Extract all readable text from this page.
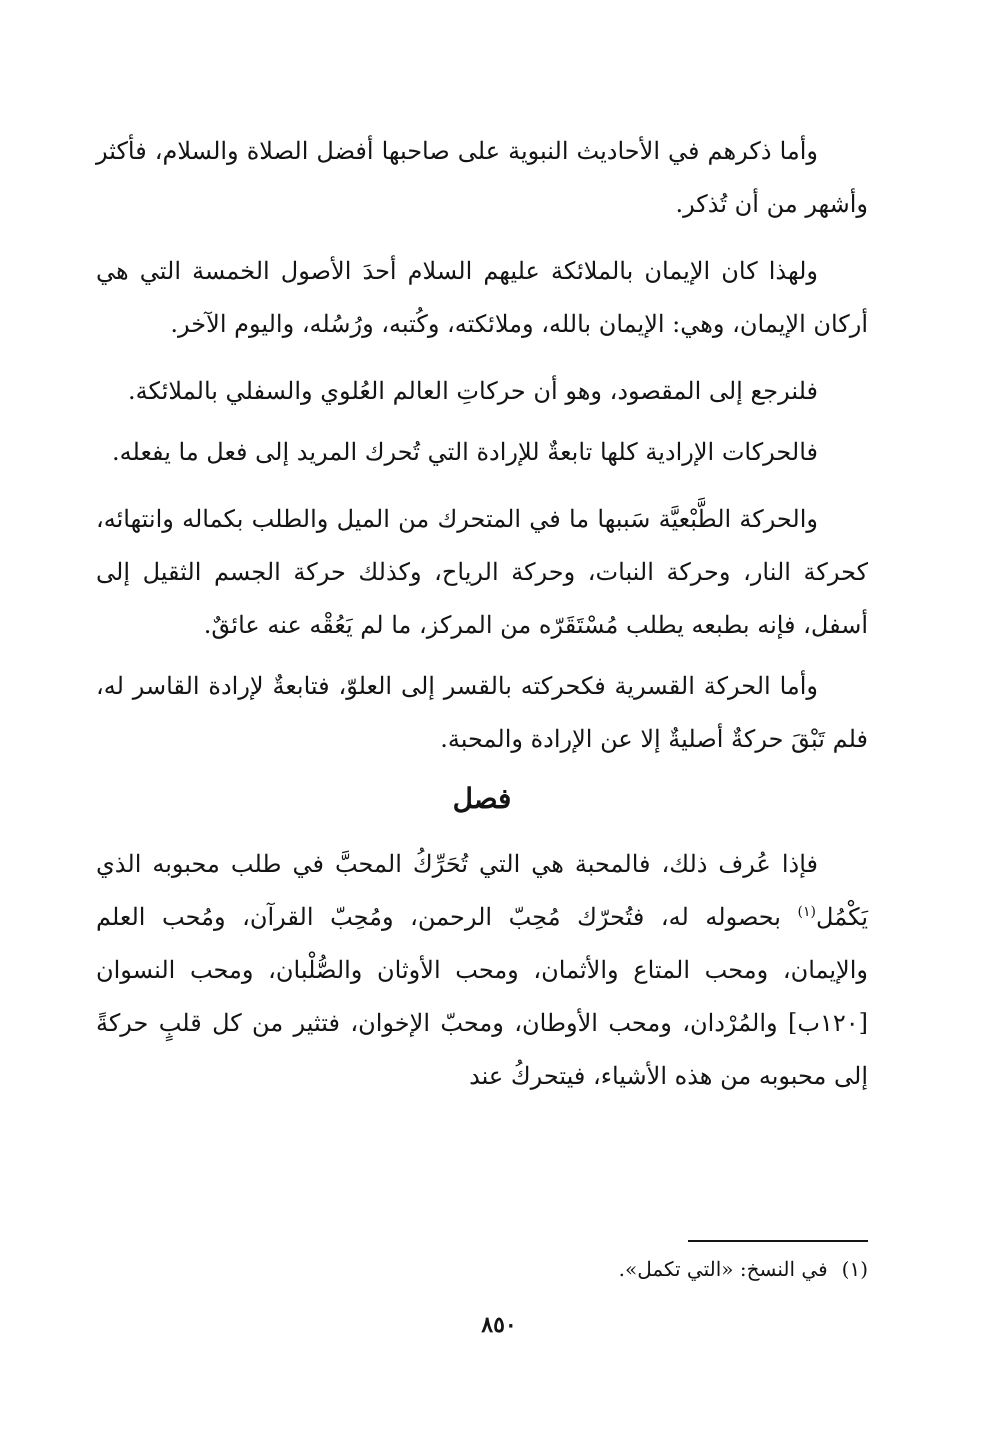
وأما ذكرهم في الأحاديث النبوية على صاحبها أفضل الصلاة والسلام، فأكثر وأشهر من أن تُذكر.

ولهذا كان الإيمان بالملائكة عليهم السلام أحدَ الأصول الخمسة التي هي أركان الإيمان، وهي: الإيمان بالله، وملائكته، وكُتبه، ورُسُله، واليوم الآخر.

فلنرجع إلى المقصود، وهو أن حركاتِ العالم العُلوي والسفلي بالملائكة.

فالحركات الإرادية كلها تابعةٌ للإرادة التي تُحرك المريد إلى فعل ما يفعله.

والحركة الطَّبْعيَّة سَببها ما في المتحرك من الميل والطلب بكماله وانتهائه، كحركة النار، وحركة النبات، وحركة الرياح، وكذلك حركة الجسم الثقيل إلى أسفل، فإنه بطبعه يطلب مُسْتَقَرّه من المركز، ما لم يَعُقْه عنه عائقٌ.

وأما الحركة القسرية فكحركته بالقسر إلى العلوّ، فتابعةٌ لإرادة القاسر له، فلم تَبْقَ حركةٌ أصليةٌ إلا عن الإرادة والمحبة.

فصل

فإذا عُرف ذلك، فالمحبة هي التي تُحَرِّكُ المحبَّ في طلب محبوبه الذي يَكْمُل$^{(١)}$ بحصوله له، فتُحرّك مُحِبّ الرحمن، ومُحِبّ القرآن، ومُحب العلم والإيمان، ومحب المتاع والأثمان، ومحب الأوثان والصُّلْبان، ومحب النسوان [١٢٠ب] والمُرْدان، ومحب الأوطان، ومحبّ الإخوان، فتثير من كل قلبٍ حركةً إلى محبوبه من هذه الأشياء، فيتحركُ عند

(١)في النسخ: «التي تكمل».
٨٥٠
